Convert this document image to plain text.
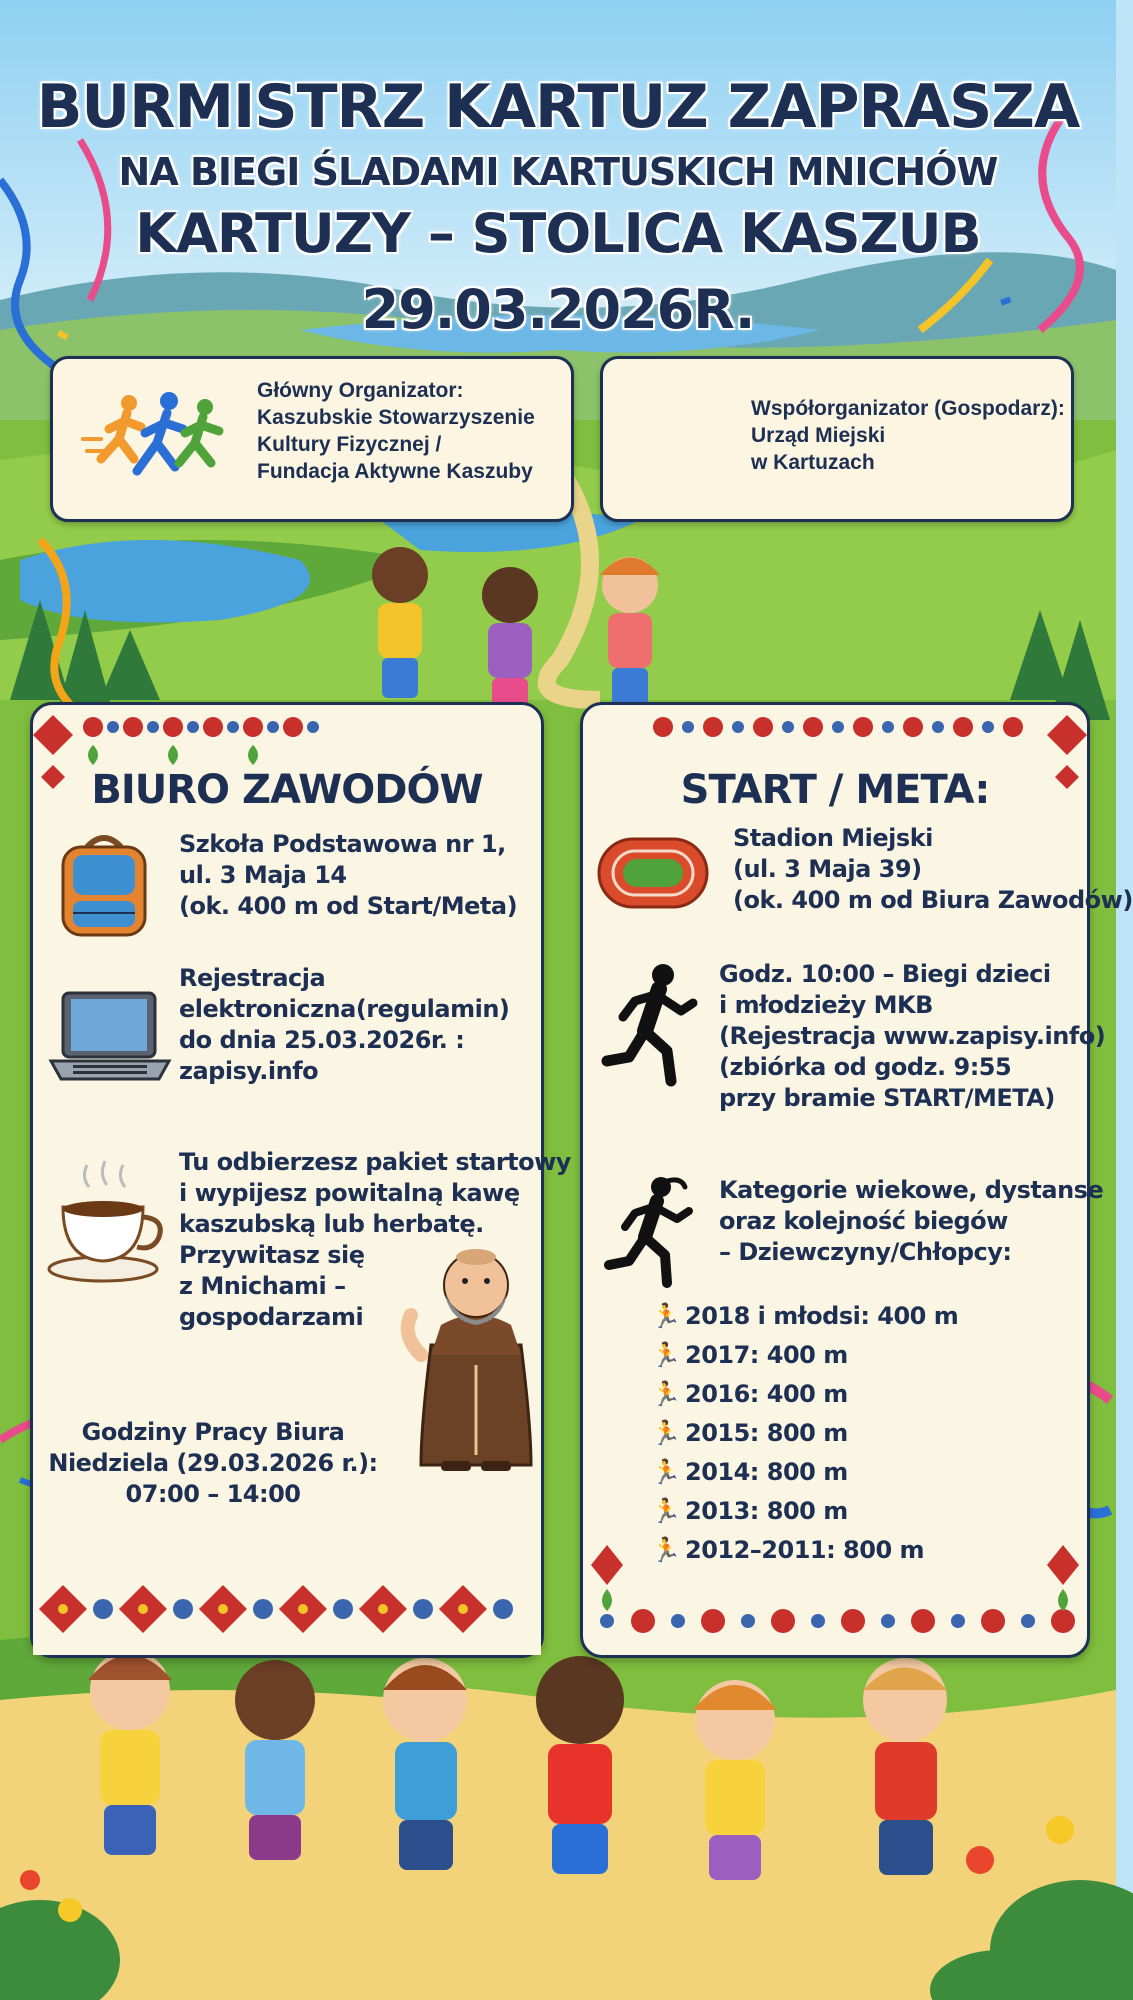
BURMISTRZ KARTUZ ZAPRASZA
NA BIEGI ŚLADAMI KARTUSKICH MNICHÓW
KARTUZY – STOLICA KASZUB
29.03.2026R.
Główny Organizator:
Kaszubskie Stowarzyszenie
Kultury Fizycznej /
Fundacja Aktywne Kaszuby
Współorganizator (Gospodarz):
Urząd Miejski
w Kartuzach
BIURO ZAWODÓW
Szkoła Podstawowa nr 1,
ul. 3 Maja 14
(ok. 400 m od Start/Meta)
Rejestracja
elektroniczna(regulamin)
do dnia 25.03.2026r. :
zapisy.info
Tu odbierzesz pakiet startowy
i wypijesz powitalną kawę
kaszubską lub herbatę.
Przywitasz się
z Mnichami –
gospodarzami
Godziny Pracy Biura
Niedziela (29.03.2026 r.):
07:00 – 14:00
START / META:
Stadion Miejski
(ul. 3 Maja 39)
(ok. 400 m od Biura Zawodów)
Godz. 10:00 – Biegi dzieci
i młodzieży MKB
(Rejestracja www.zapisy.info)
(zbiórka od godz. 9:55
przy bramie START/META)
Kategorie wiekowe, dystanse
oraz kolejność biegów
– Dziewczyny/Chłopcy:
🏃 2018 i młodsi: 400 m
🏃 2017: 400 m
🏃 2016: 400 m
🏃 2015: 800 m
🏃 2014: 800 m
🏃 2013: 800 m
🏃 2012–2011: 800 m
